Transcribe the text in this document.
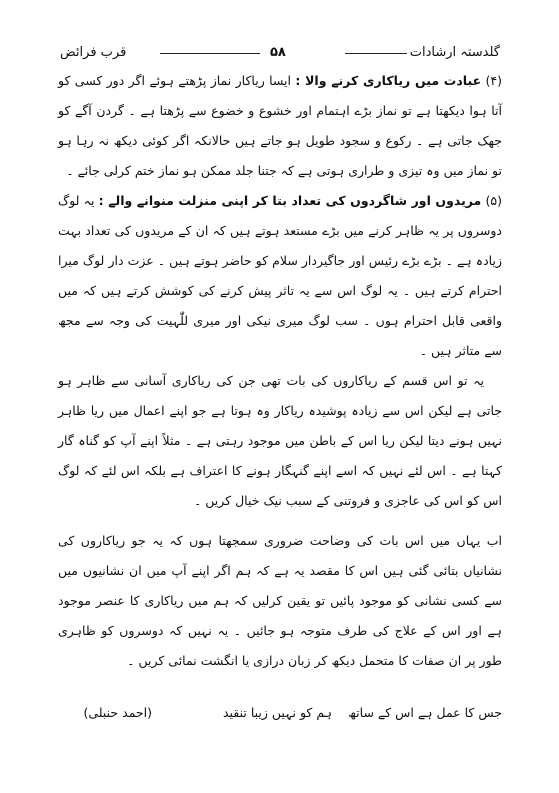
گلدستہ ارشادات
۵۸
قرب فرائض

(۴) عبادت میں ریاکاری کرنے والا : ایسا ریاکار نماز پڑھتے ہوئے اگر دور کسی کو آتا ہوا دیکھتا ہے تو نماز بڑے اہتمام اور خشوع و خضوع سے پڑھتا ہے ۔ گردن آگے کو جھک جاتی ہے ۔ رکوع و سجود طویل ہو جاتے ہیں حالانکہ اگر کوئی دیکھ نہ رہا ہو تو نماز میں وہ تیزی و طراری ہوتی ہے کہ جتنا جلد ممکن ہو نماز ختم کرلی جائے ۔

(۵) مریدوں اور شاگردوں کی تعداد بتا کر اپنی منزلت منوانے والے : یہ لوگ دوسروں پر یہ ظاہر کرنے میں بڑے مستعد ہوتے ہیں کہ ان کے مریدوں کی تعداد بہت زیادہ ہے ۔ بڑے بڑے رئیس اور جاگیردار سلام کو حاضر ہوتے ہیں ۔ عزت دار لوگ میرا احترام کرتے ہیں ۔ یہ لوگ اس سے یہ تاثر پیش کرنے کی کوشش کرتے ہیں کہ میں واقعی قابل احترام ہوں ۔ سب لوگ میری نیکی اور میری للّٰہیت کی وجہ سے مجھ سے متاثر ہیں ۔

یہ تو اس قسم کے ریاکاروں کی بات تھی جن کی ریاکاری آسانی سے ظاہر ہو جاتی ہے لیکن اس سے زیادہ پوشیدہ ریاکار وہ ہوتا ہے جو اپنے اعمال میں ریا ظاہر نہیں ہونے دیتا لیکن ریا اس کے باطن میں موجود رہتی ہے ۔ مثلاً اپنے آپ کو گناہ گار کہتا ہے ۔ اس لئے نہیں کہ اسے اپنے گنہگار ہونے کا اعتراف ہے بلکہ اس لئے کہ لوگ اس کو اس کی عاجزی و فروتنی کے سبب نیک خیال کریں ۔

اب یہاں میں اس بات کی وضاحت ضروری سمجھتا ہوں کہ یہ جو ریاکاروں کی نشانیاں بتائی گئی ہیں اس کا مقصد یہ ہے کہ ہم اگر اپنے آپ میں ان نشانیوں میں سے کسی نشانی کو موجود پائیں تو یقین کرلیں کہ ہم میں ریاکاری کا عنصر موجود ہے اور اس کے علاج کی طرف متوجہ ہو جائیں ۔ یہ نہیں کہ دوسروں کو ظاہری طور پر ان صفات کا متحمل دیکھ کر زبان درازی یا انگشت نمائی کریں ۔

جس کا عمل ہے اس کے ساتھ
ہم کو نہیں زیبا تنقید
(احمد حنبلی)
